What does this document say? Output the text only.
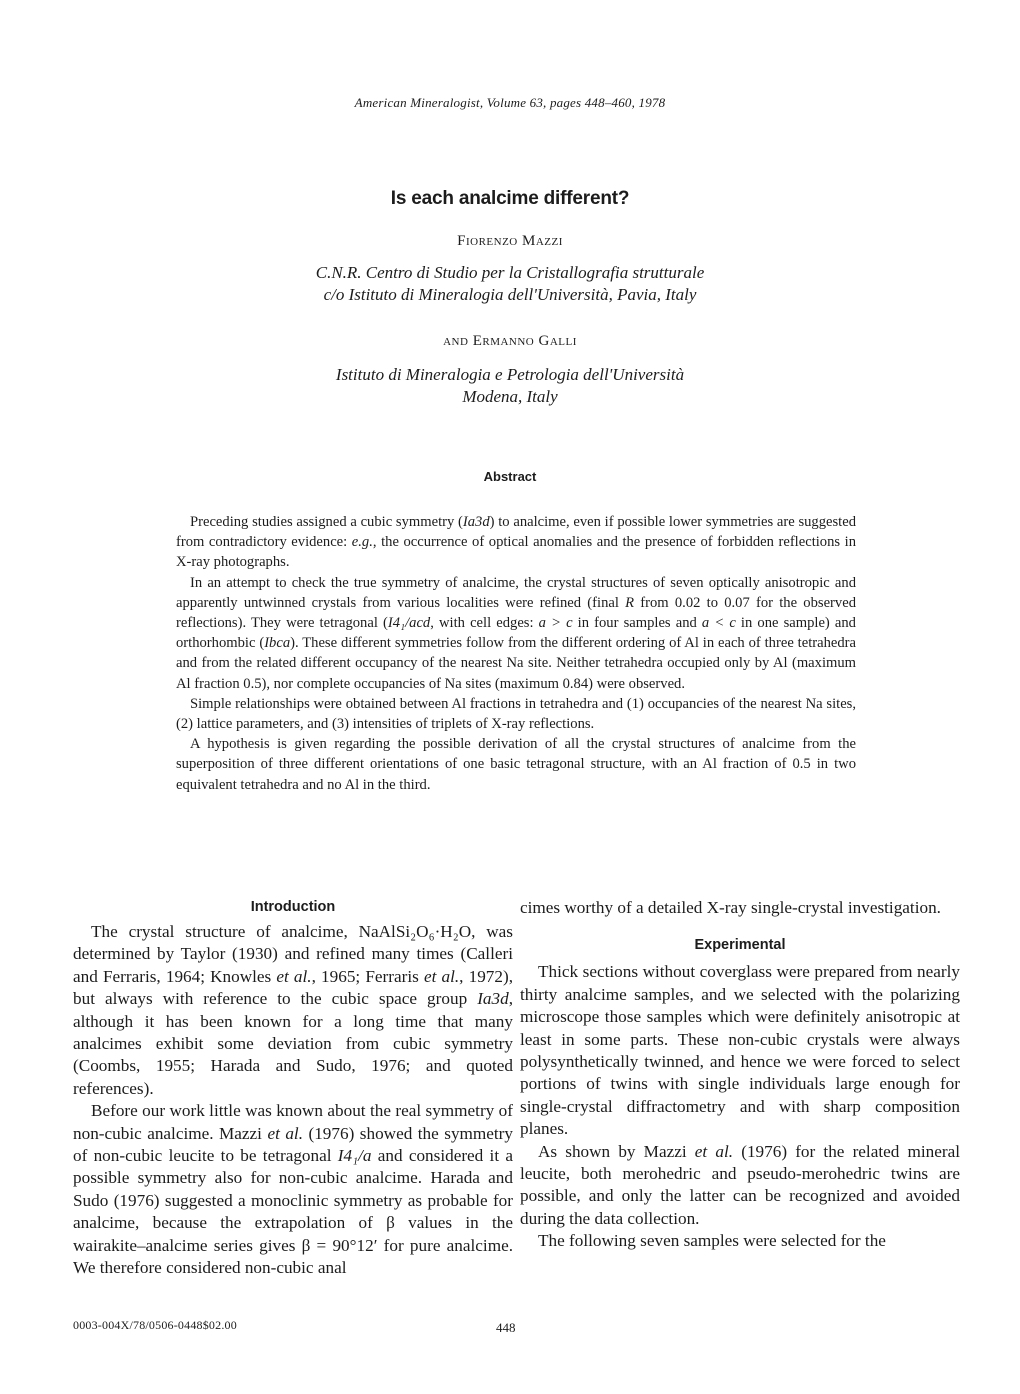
American Mineralogist, Volume 63, pages 448–460, 1978
Is each analcime different?
Fiorenzo Mazzi
C.N.R. Centro di Studio per la Cristallografia strutturale
c/o Istituto di Mineralogia dell'Università, Pavia, Italy
and Ermanno Galli
Istituto di Mineralogia e Petrologia dell'Università
Modena, Italy
Abstract

Preceding studies assigned a cubic symmetry (Ia3d) to analcime, even if possible lower symmetries are suggested from contradictory evidence: e.g., the occurrence of optical anomalies and the presence of forbidden reflections in X-ray photographs.

In an attempt to check the true symmetry of analcime, the crystal structures of seven optically anisotropic and apparently untwinned crystals from various localities were refined (final R from 0.02 to 0.07 for the observed reflections). They were tetragonal (I4₁/acd, with cell edges: a > c in four samples and a < c in one sample) and orthorhombic (Ibca). These different symmetries follow from the different ordering of Al in each of three tetrahedra and from the related different occupancy of the nearest Na site. Neither tetrahedra occupied only by Al (maximum Al fraction 0.5), nor complete occupancies of Na sites (maximum 0.84) were observed.

Simple relationships were obtained between Al fractions in tetrahedra and (1) occupancies of the nearest Na sites, (2) lattice parameters, and (3) intensities of triplets of X-ray reflections.

A hypothesis is given regarding the possible derivation of all the crystal structures of analcime from the superposition of three different orientations of one basic tetragonal structure, with an Al fraction of 0.5 in two equivalent tetrahedra and no Al in the third.

Introduction

The crystal structure of analcime, NaAlSi₂O₆·H₂O, was determined by Taylor (1930) and refined many times (Calleri and Ferraris, 1964; Knowles et al., 1965; Ferraris et al., 1972), but always with reference to the cubic space group Ia3d, although it has been known for a long time that many analcimes exhibit some deviation from cubic symmetry (Coombs, 1955; Harada and Sudo, 1976; and quoted references).

Before our work little was known about the real symmetry of non-cubic analcime. Mazzi et al. (1976) showed the symmetry of non-cubic leucite to be tetragonal I4₁/a and considered it a possible symmetry also for non-cubic analcime. Harada and Sudo (1976) suggested a monoclinic symmetry as probable for analcime, because the extrapolation of β values in the wairakite–analcime series gives β = 90°12′ for pure analcime. We therefore considered non-cubic anal

cimes worthy of a detailed X-ray single-crystal investigation.

Experimental

Thick sections without coverglass were prepared from nearly thirty analcime samples, and we selected with the polarizing microscope those samples which were definitely anisotropic at least in some parts. These non-cubic crystals were always polysynthetically twinned, and hence we were forced to select portions of twins with single individuals large enough for single-crystal diffractometry and with sharp composition planes.

As shown by Mazzi et al. (1976) for the related mineral leucite, both merohedric and pseudo-merohedric twins are possible, and only the latter can be recognized and avoided during the data collection.

The following seven samples were selected for the

0003-004X/78/0506-0448$02.00	448
